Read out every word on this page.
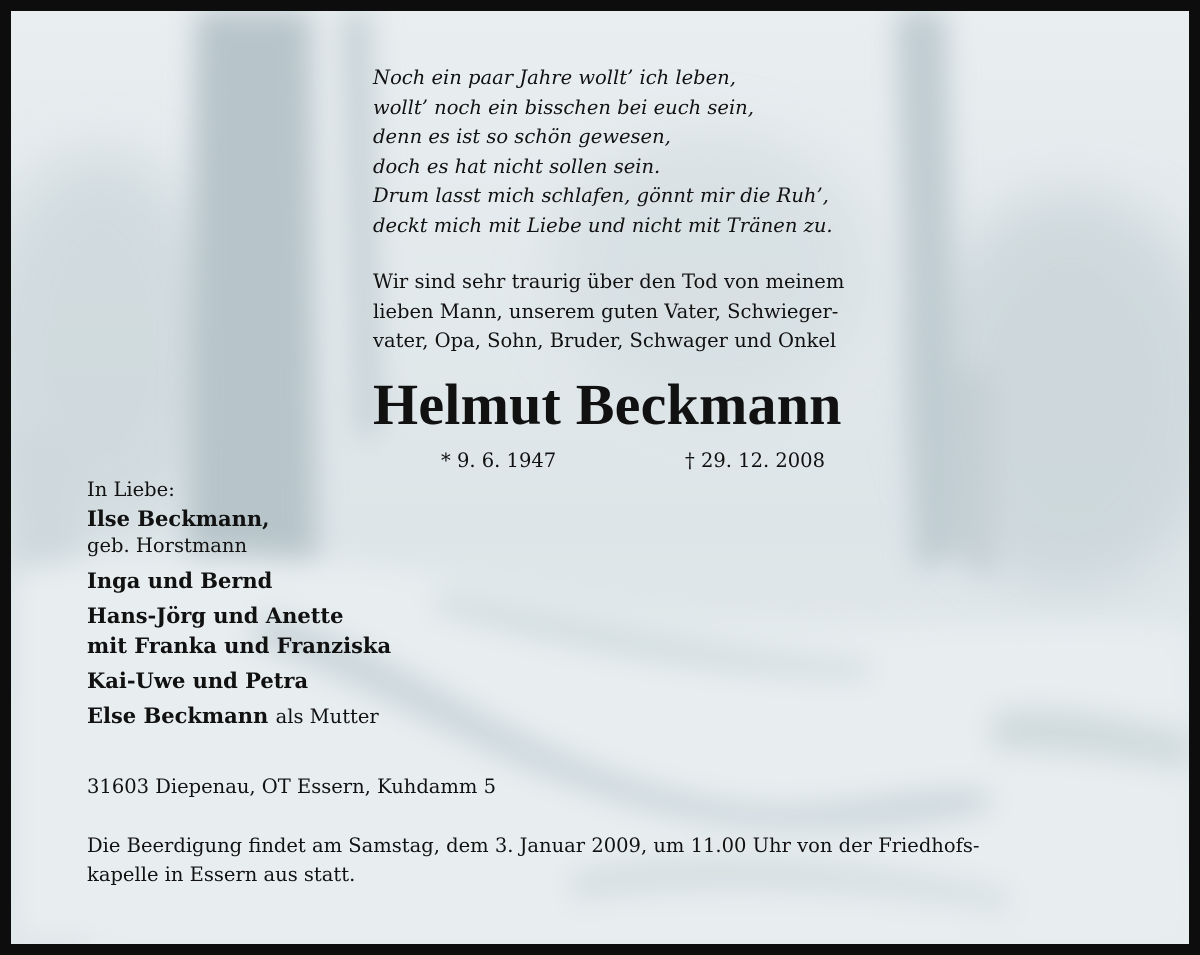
Noch ein paar Jahre wollt’ ich leben,
wollt’ noch ein bisschen bei euch sein,
denn es ist so schön gewesen,
doch es hat nicht sollen sein.
Drum lasst mich schlafen, gönnt mir die Ruh’,
deckt mich mit Liebe und nicht mit Tränen zu.
Wir sind sehr traurig über den Tod von meinem
lieben Mann, unserem guten Vater, Schwieger-
vater, Opa, Sohn, Bruder, Schwager und Onkel
Helmut Beckmann
* 9. 6. 1947	† 29. 12. 2008
In Liebe:
Ilse Beckmann,
geb. Horstmann
Inga und Bernd
Hans-Jörg und Anette
mit Franka und Franziska
Kai-Uwe und Petra
Else Beckmann als Mutter
31603 Diepenau, OT Essern, Kuhdamm 5
Die Beerdigung findet am Samstag, dem 3. Januar 2009, um 11.00 Uhr von der Friedhofs-
kapelle in Essern aus statt.
